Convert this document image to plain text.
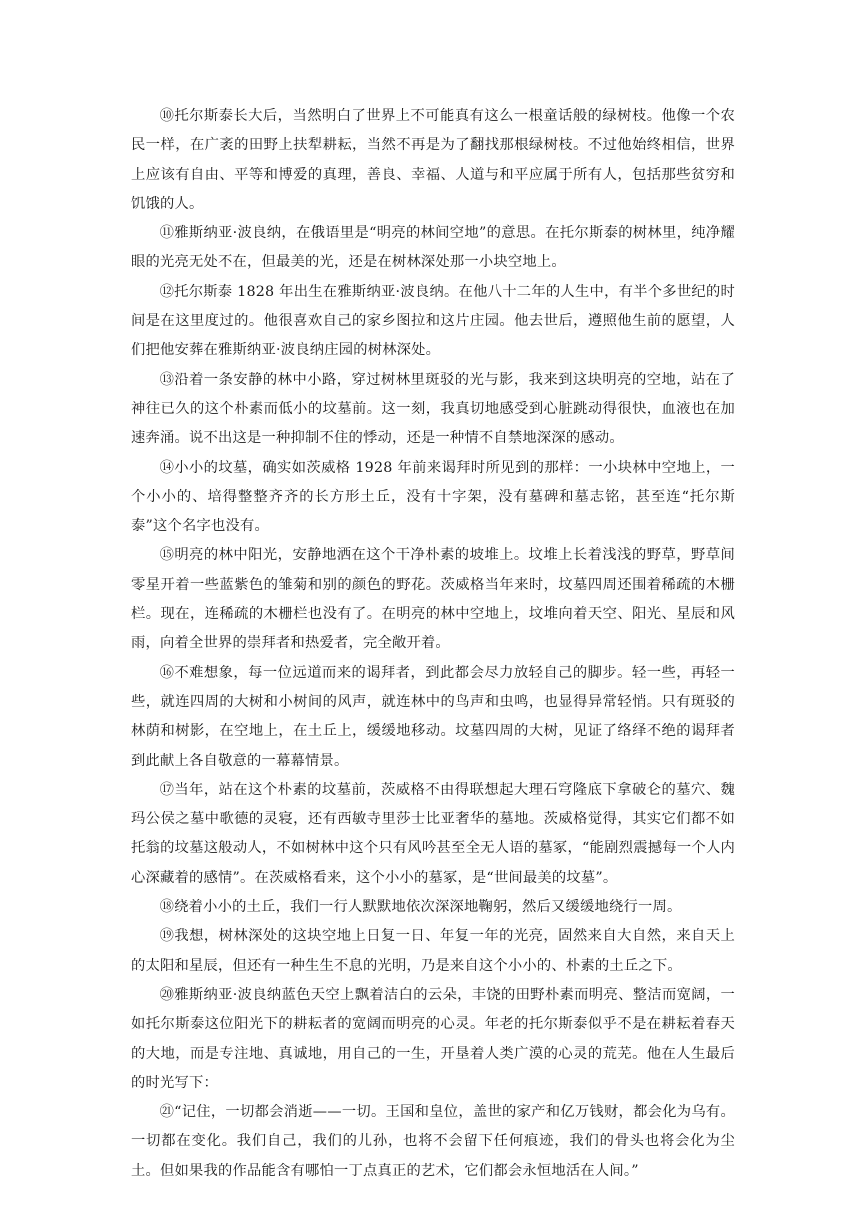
⑩托尔斯泰长大后，当然明白了世界上不可能真有这么一根童话般的绿树枝。他像一个农民一样，在广袤的田野上扶犁耕耘，当然不再是为了翻找那根绿树枝。不过他始终相信，世界上应该有自由、平等和博爱的真理，善良、幸福、人道与和平应属于所有人，包括那些贫穷和饥饿的人。

⑪雅斯纳亚·波良纳，在俄语里是“明亮的林间空地”的意思。在托尔斯泰的树林里，纯净耀眼的光亮无处不在，但最美的光，还是在树林深处那一小块空地上。

⑫托尔斯泰 1828 年出生在雅斯纳亚·波良纳。在他八十二年的人生中，有半个多世纪的时间是在这里度过的。他很喜欢自己的家乡图拉和这片庄园。他去世后，遵照他生前的愿望，人们把他安葬在雅斯纳亚·波良纳庄园的树林深处。

⑬沿着一条安静的林中小路，穿过树林里斑驳的光与影，我来到这块明亮的空地，站在了神往已久的这个朴素而低小的坟墓前。这一刻，我真切地感受到心脏跳动得很快，血液也在加速奔涌。说不出这是一种抑制不住的悸动，还是一种情不自禁地深深的感动。

⑭小小的坟墓，确实如茨威格 1928 年前来谒拜时所见到的那样：一小块林中空地上，一个小小的、培得整整齐齐的长方形土丘，没有十字架，没有墓碑和墓志铭，甚至连“托尔斯泰”这个名字也没有。

⑮明亮的林中阳光，安静地洒在这个干净朴素的坡堆上。坟堆上长着浅浅的野草，野草间零星开着一些蓝紫色的雏菊和别的颜色的野花。茨威格当年来时，坟墓四周还围着稀疏的木栅栏。现在，连稀疏的木栅栏也没有了。在明亮的林中空地上，坟堆向着天空、阳光、星辰和风雨，向着全世界的崇拜者和热爱者，完全敞开着。

⑯不难想象，每一位远道而来的谒拜者，到此都会尽力放轻自己的脚步。轻一些，再轻一些，就连四周的大树和小树间的风声，就连林中的鸟声和虫鸣，也显得异常轻悄。只有斑驳的林荫和树影，在空地上，在土丘上，缓缓地移动。坟墓四周的大树，见证了络绎不绝的谒拜者到此献上各自敬意的一幕幕情景。

⑰当年，站在这个朴素的坟墓前，茨威格不由得联想起大理石穹隆底下拿破仑的墓穴、魏玛公侯之墓中歌德的灵寝，还有西敏寺里莎士比亚奢华的墓地。茨威格觉得，其实它们都不如托翁的坟墓这般动人，不如树林中这个只有风吟甚至全无人语的墓冢，“能剧烈震撼每一个人内心深藏着的感情”。在茨威格看来，这个小小的墓冢，是“世间最美的坟墓”。

⑱绕着小小的土丘，我们一行人默默地依次深深地鞠躬，然后又缓缓地绕行一周。

⑲我想，树林深处的这块空地上日复一日、年复一年的光亮，固然来自大自然，来自天上的太阳和星辰，但还有一种生生不息的光明，乃是来自这个小小的、朴素的土丘之下。

⑳雅斯纳亚·波良纳蓝色天空上飘着洁白的云朵，丰饶的田野朴素而明亮、整洁而宽阔，一如托尔斯泰这位阳光下的耕耘者的宽阔而明亮的心灵。年老的托尔斯泰似乎不是在耕耘着春天的大地，而是专注地、真诚地，用自己的一生，开垦着人类广漠的心灵的荒芜。他在人生最后的时光写下：

㉑“记住，一切都会消逝——一切。王国和皇位，盖世的家产和亿万钱财，都会化为乌有。一切都在变化。我们自己，我们的儿孙，也将不会留下任何痕迹，我们的骨头也将会化为尘土。但如果我的作品能含有哪怕一丁点真正的艺术，它们都会永恒地活在人间。”
